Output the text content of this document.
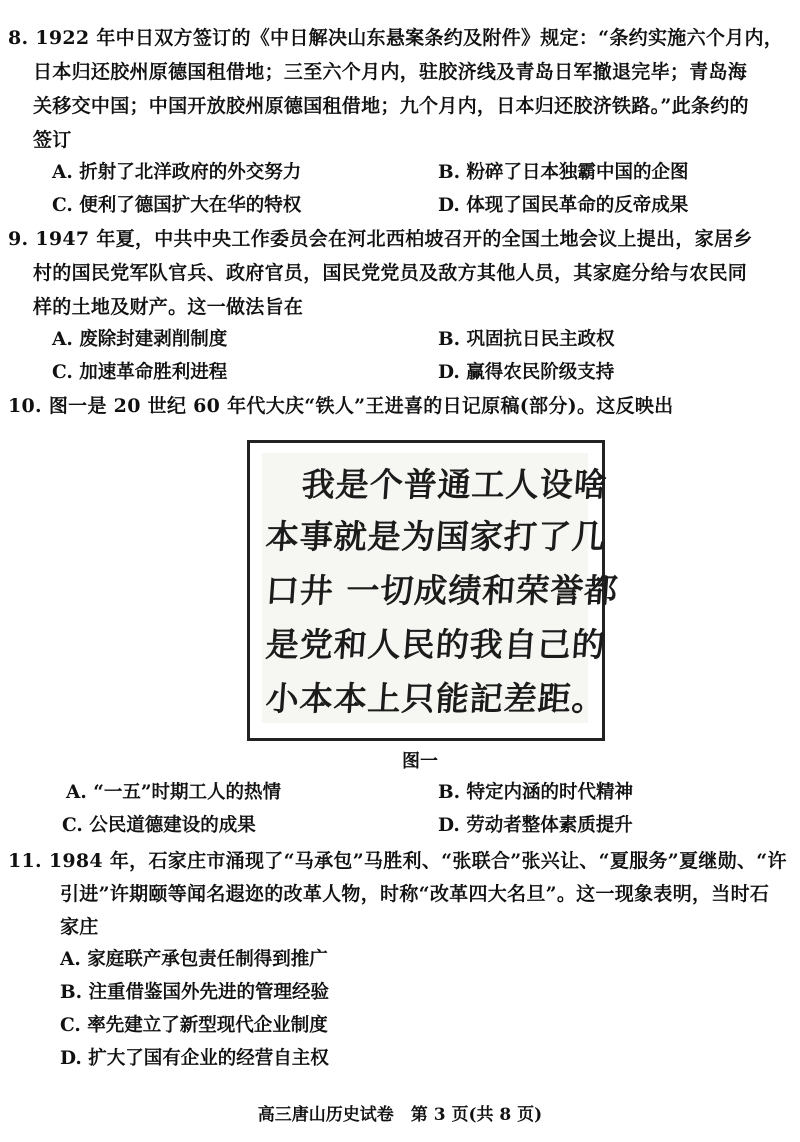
8. 1922 年中日双方签订的《中日解决山东悬案条约及附件》规定：“条约实施六个月内，
日本归还胶州原德国租借地；三至六个月内，驻胶济线及青岛日军撤退完毕；青岛海
关移交中国；中国开放胶州原德国租借地；九个月内，日本归还胶济铁路。”此条约的
签订
A. 折射了北洋政府的外交努力	B. 粉碎了日本独霸中国的企图
C. 便利了德国扩大在华的特权	D. 体现了国民革命的反帝成果
9. 1947 年夏，中共中央工作委员会在河北西柏坡召开的全国土地会议上提出，家居乡
村的国民党军队官兵、政府官员，国民党党员及敌方其他人员，其家庭分给与农民同
样的土地及财产。这一做法旨在
A. 废除封建剥削制度	B. 巩固抗日民主政权
C. 加速革命胜利进程	D. 赢得农民阶级支持
10. 图一是 20 世纪 60 年代大庆“铁人”王进喜的日记原稿(部分)。这反映出
我是个普通工人设啥
本事就是为国家打了几
口井 一切成绩和荣誉都
是党和人民的我自己的
小本本上只能記差距。
图一
A. “一五”时期工人的热情	B. 特定内涵的时代精神
C. 公民道德建设的成果	D. 劳动者整体素质提升
11. 1984 年，石家庄市涌现了“马承包”马胜利、“张联合”张兴让、“夏服务”夏继勋、“许
引进”许期颐等闻名遐迩的改革人物，时称“改革四大名旦”。这一现象表明，当时石
家庄
A. 家庭联产承包责任制得到推广
B. 注重借鉴国外先进的管理经验
C. 率先建立了新型现代企业制度
D. 扩大了国有企业的经营自主权
高三唐山历史试卷　第 3 页(共 8 页)
